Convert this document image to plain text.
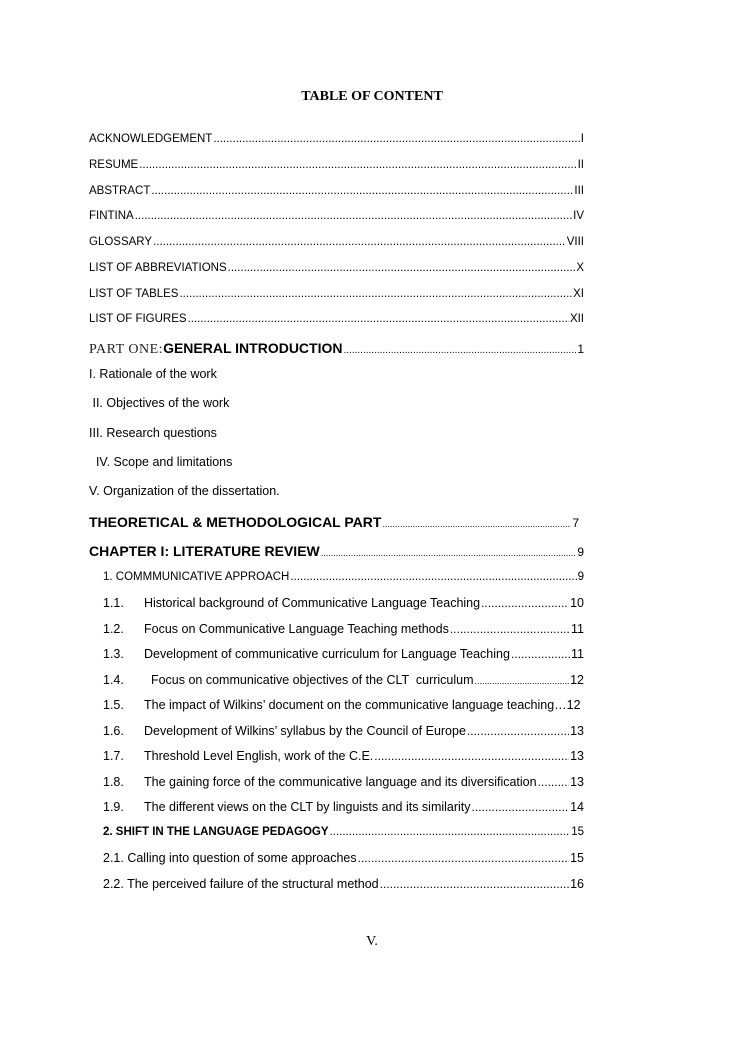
TABLE OF CONTENT
ACKNOWLEDGEMENT .....	I
RESUME .....	II
ABSTRACT .....	III
FINTINA .....	IV
GLOSSARY .....	VIII
LIST OF ABBREVIATIONS .....	X
LIST OF TABLES .....	XI
LIST OF FIGURES .....	XII
PART ONE: GENERAL INTRODUCTION .....	1
I. Rationale of the work
II. Objectives of the work
III. Research questions
IV. Scope and limitations
V. Organization of the dissertation.
THEORETICAL & METHODOLOGICAL PART .....	7
CHAPTER I: LITERATURE REVIEW .....	9
1. COMMMUNICATIVE APPROACH .....	9
1.1.	Historical background of Communicative Language Teaching .....	10
1.2.	Focus on Communicative Language Teaching methods .....	11
1.3.	Development of communicative curriculum for Language Teaching .....	11
1.4.	Focus on communicative objectives of the CLT  curriculum .....	12
1.5.	The impact of Wilkins’ document on the communicative language teaching… 12
1.6.	Development of Wilkins’ syllabus by the Council of Europe .....	13
1.7.	Threshold Level English, work of the C.E. .....	13
1.8.	The gaining force of the communicative language and its diversification .....	13
1.9.	The different views on the CLT by linguists and its similarity .....	14
2. SHIFT IN THE LANGUAGE PEDAGOGY .....	15
2.1. Calling into question of some approaches .....	15
2.2. The perceived failure of the structural method .....	16
V.
